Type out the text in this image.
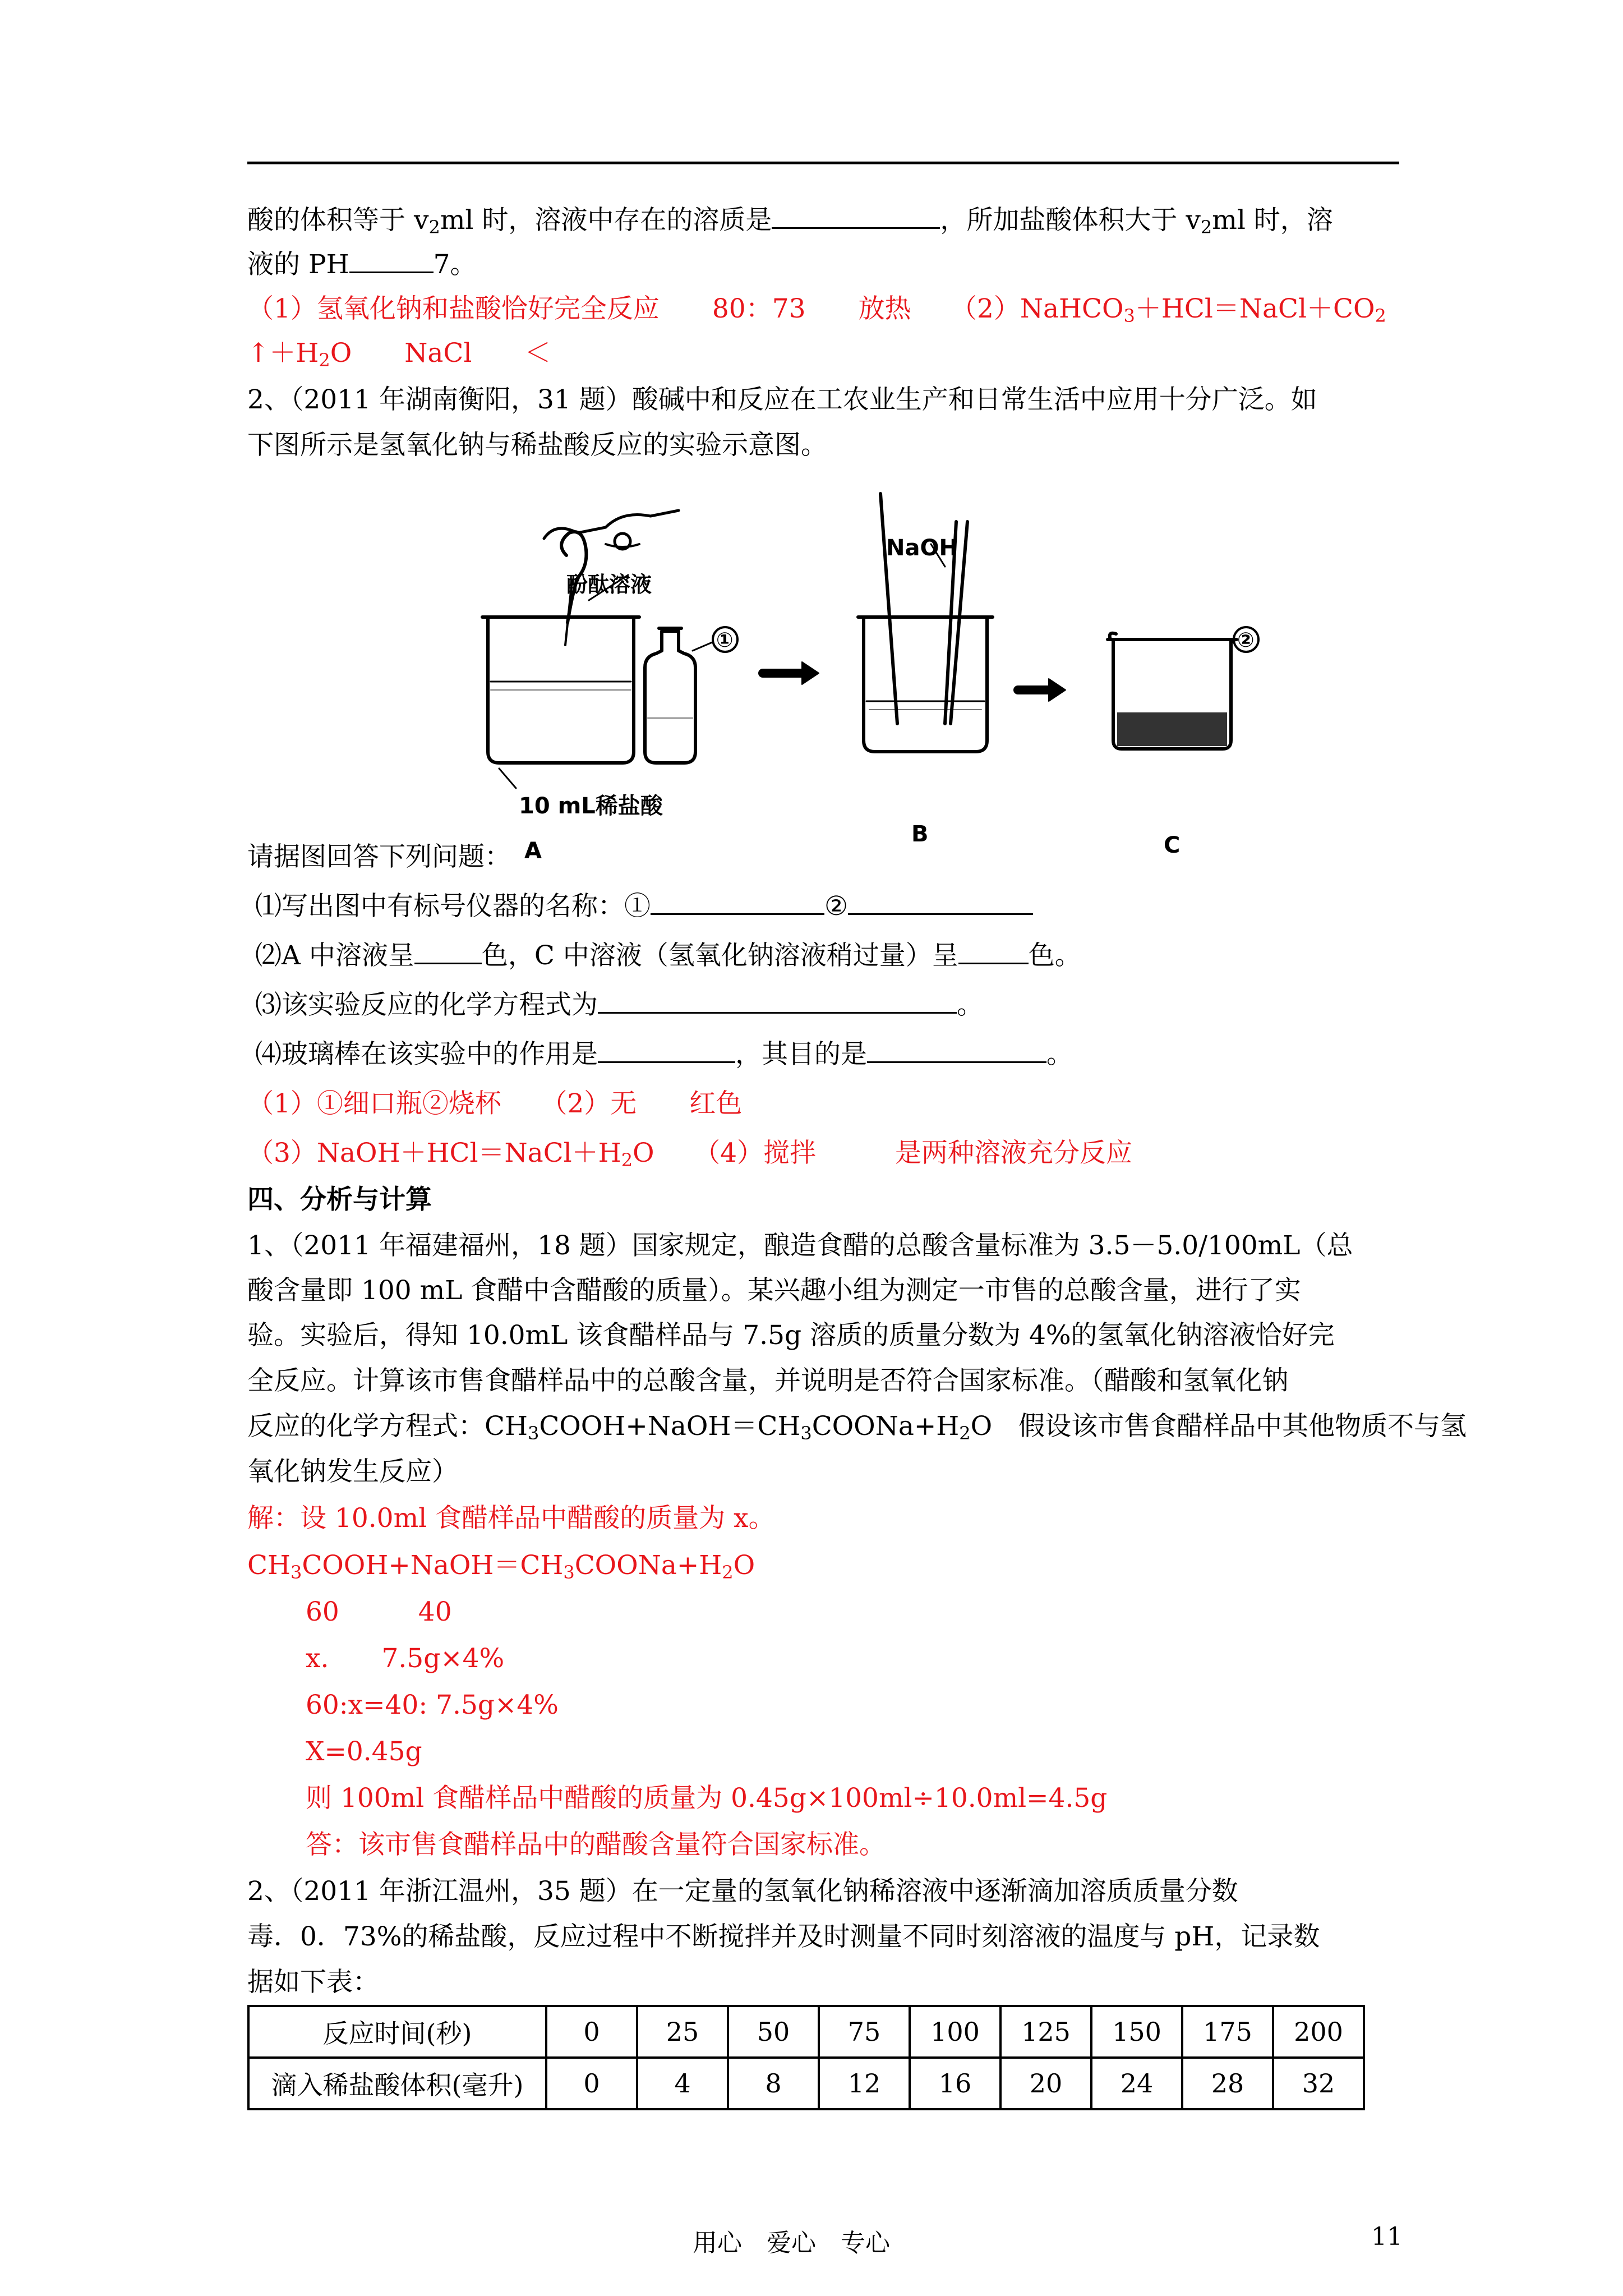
酸的体积等于 $v_2ml$ 时，溶液中存在的溶质是	，所加盐酸体积大于 $v_2ml$ 时，溶
液的 PH	7。
（1）氢氧化钠和盐酸恰好完全反应　　80：73　　放热　　$(2)NaHCO_3+HCl=NaCl+CO_2$
$↑+H_2O$　　NaCl　　＜
2、（2011 年湖南衡阳，31 题）酸碱中和反应在工农业生产和日常生活中应用十分广泛。如
下图所示是氢氧化钠与稀盐酸反应的实验示意图。
酚酞溶液
10 mL稀盐酸
NaOH
①	②
A
B	C
请据图回答下列问题：
⑴写出图中有标号仪器的名称：①	②
⑵A 中溶液呈	色，C 中溶液（氢氧化钠溶液稍过量）呈	色。
⑶该实验反应的化学方程式为	。
⑷玻璃棒在该实验中的作用是	，其目的是	。
（1）①细口瓶②烧杯　　（2）无　　红色
$(3)NaOH+HCl=NaCl+H_2O$　　（4）搅拌　　　是两种溶液充分反应
四、分析与计算
1、（2011 年福建福州，18 题）国家规定，酿造食醋的总酸含量标准为 3.5－5.0/100mL（总
酸含量即 100 mL 食醋中含醋酸的质量）。某兴趣小组为测定一市售的总酸含量，进行了实
验。实验后，得知 10.0mL 该食醋样品与 7.5g 溶质的质量分数为 4%的氢氧化钠溶液恰好完
全反应。计算该市售食醋样品中的总酸含量，并说明是否符合国家标准。（醋酸和氢氧化钠
反应的化学方程式：$CH_3COOH+NaOH=CH_3COONa+H_2O$　假设该市售食醋样品中其他物质不与氢
氧化钠发生反应）
解：设 10.0ml 食醋样品中醋酸的质量为 x。
$CH_3COOH+NaOH=CH_3COONa+H_2O$
60　　　40
x.　　7.5g×4%
60:x=40: 7.5g×4%
X=0.45g
则 100ml 食醋样品中醋酸的质量为 0.45g×100ml÷10.0ml=4.5g
答：该市售食醋样品中的醋酸含量符合国家标准。
2、（2011 年浙江温州，35 题）在一定量的氢氧化钠稀溶液中逐渐滴加溶质质量分数
毒．0．73%的稀盐酸，反应过程中不断搅拌并及时测量不同时刻溶液的温度与 pH，记录数
据如下表：
反应时间(秒)	0	25	50	75	100	125	150	175	200
滴入稀盐酸体积(毫升)	0	4	8	12	16	20	24	28	32
用心　爱心　专心	11
